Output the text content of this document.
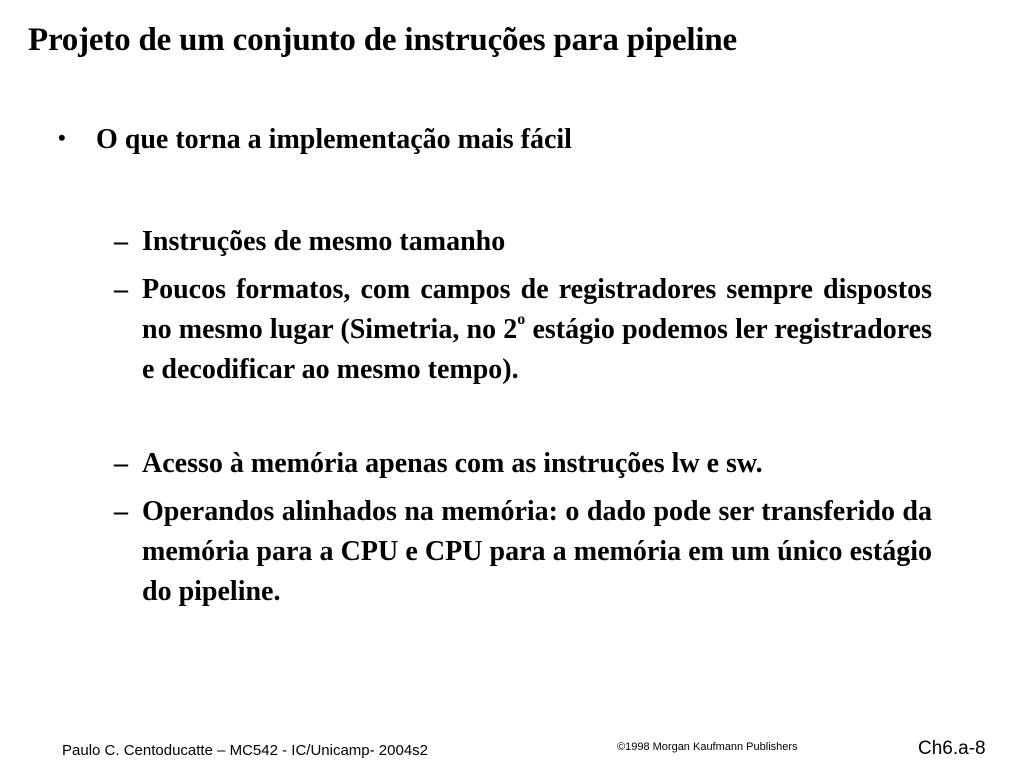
Projeto de um conjunto de instruções para pipeline
• O que torna a implementação mais fácil
– Instruções de mesmo tamanho
– Poucos formatos, com campos de registradores sempre dispostos no mesmo lugar (Simetria, no 2$^o$ estágio podemos ler registradores e decodificar ao mesmo tempo).
– Acesso à memória apenas com as instruções lw e sw.
– Operandos alinhados na memória: o dado pode ser transferido da memória para a CPU e CPU para a memória em um único estágio do pipeline.
Paulo C. Centoducatte – MC542 - IC/Unicamp- 2004s2	©1998 Morgan Kaufmann Publishers	Ch6.a-8
